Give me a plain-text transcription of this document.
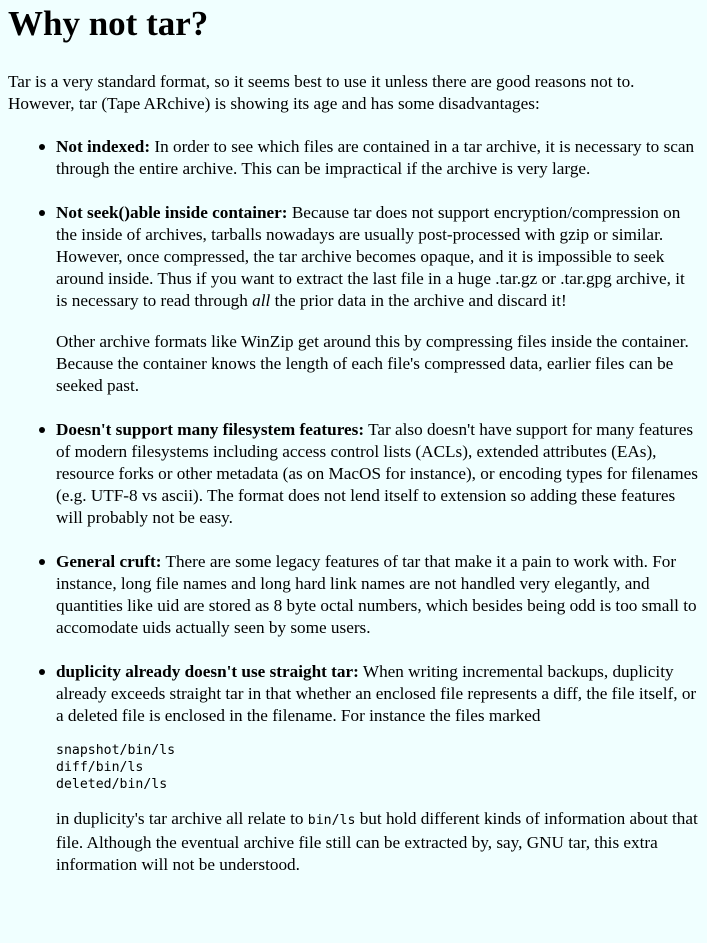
Why not tar?

Tar is a very standard format, so it seems best to use it unless there are good reasons not to. However, tar (Tape ARchive) is showing its age and has some disadvantages:

Not indexed: In order to see which files are contained in a tar archive, it is necessary to scan through the entire archive. This can be impractical if the archive is very large.

Not seek()able inside container: Because tar does not support encryption/compression on the inside of archives, tarballs nowadays are usually post-processed with gzip or similar. However, once compressed, the tar archive becomes opaque, and it is impossible to seek around inside. Thus if you want to extract the last file in a huge .tar.gz or .tar.gpg archive, it is necessary to read through all the prior data in the archive and discard it!

Other archive formats like WinZip get around this by compressing files inside the container. Because the container knows the length of each file's compressed data, earlier files can be seeked past.

Doesn't support many filesystem features: Tar also doesn't have support for many features of modern filesystems including access control lists (ACLs), extended attributes (EAs), resource forks or other metadata (as on MacOS for instance), or encoding types for filenames (e.g. UTF-8 vs ascii). The format does not lend itself to extension so adding these features will probably not be easy.

General cruft: There are some legacy features of tar that make it a pain to work with. For instance, long file names and long hard link names are not handled very elegantly, and quantities like uid are stored as 8 byte octal numbers, which besides being odd is too small to accomodate uids actually seen by some users.

duplicity already doesn't use straight tar: When writing incremental backups, duplicity already exceeds straight tar in that whether an enclosed file represents a diff, the file itself, or a deleted file is enclosed in the filename. For instance the files marked

snapshot/bin/ls
diff/bin/ls
deleted/bin/ls

in duplicity's tar archive all relate to bin/ls but hold different kinds of information about that file. Although the eventual archive file still can be extracted by, say, GNU tar, this extra information will not be understood.
